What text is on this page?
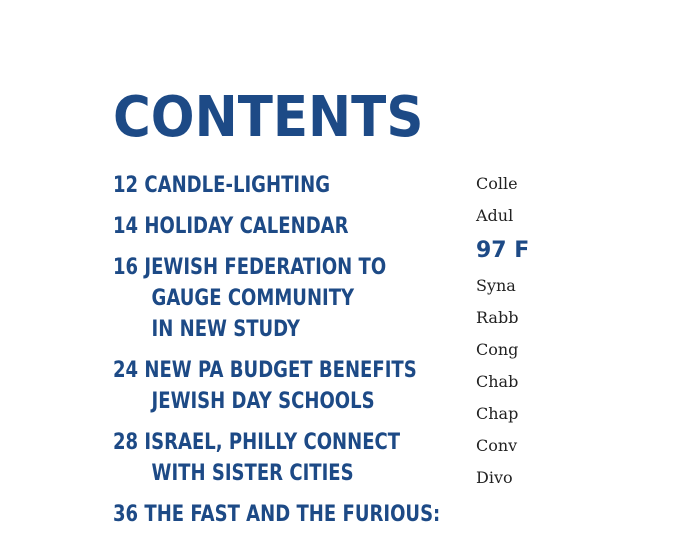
CONTENTS
12 CANDLE-LIGHTING
14 HOLIDAY CALENDAR
16 JEWISH FEDERATION TO
GAUGE COMMUNITY
IN NEW STUDY
24 NEW PA BUDGET BENEFITS
JEWISH DAY SCHOOLS
28 ISRAEL, PHILLY CONNECT
WITH SISTER CITIES
36 THE FAST AND THE FURIOUS:
Colle
Adul
97 F
Syna
Rabb
Cong
Chab
Chap
Conv
Divo
